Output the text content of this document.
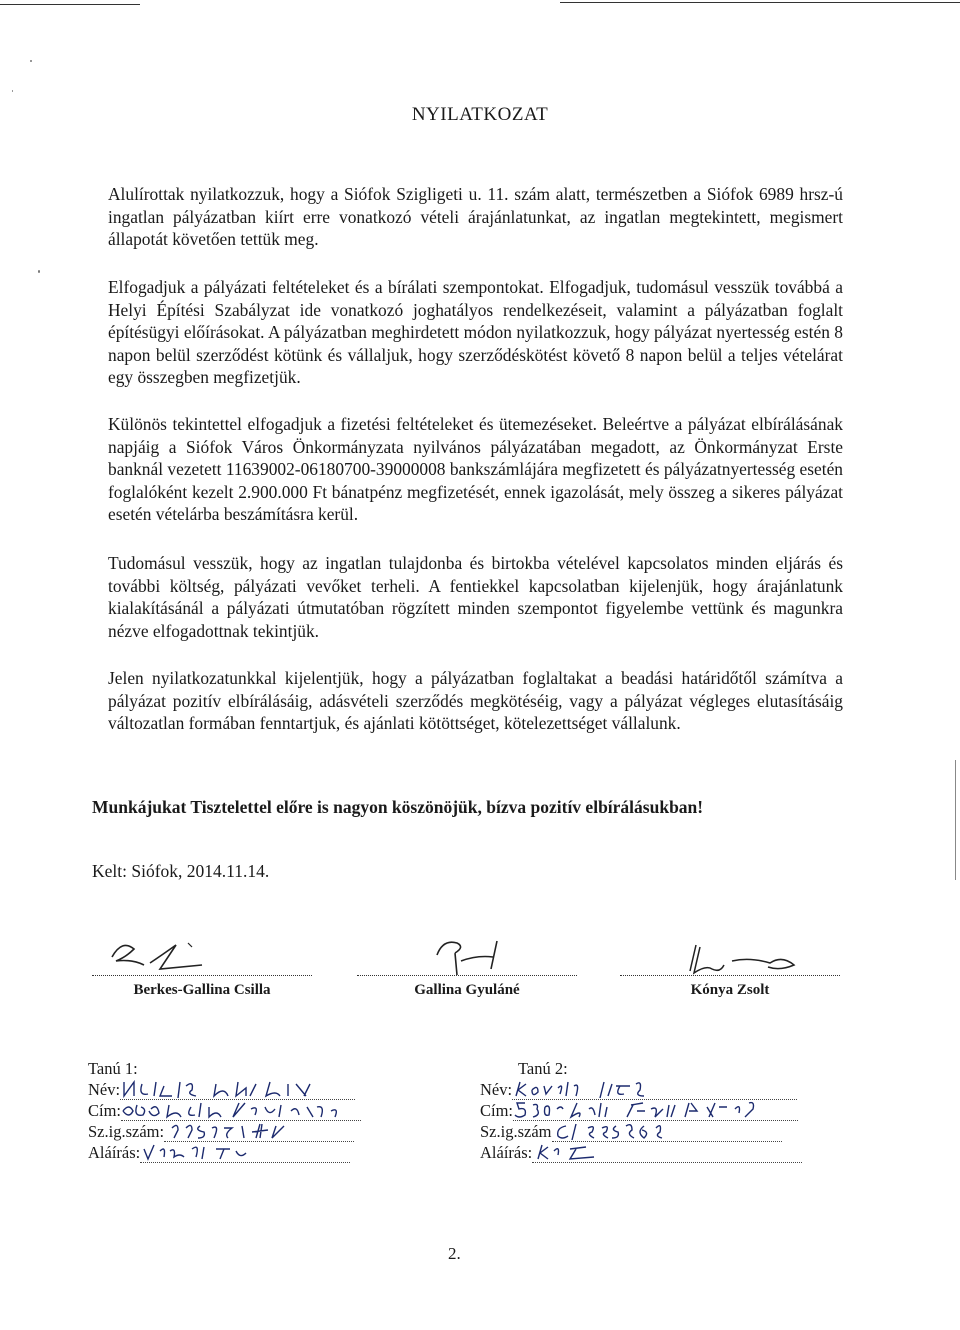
NYILATKOZAT

Alulírottak nyilatkozzuk, hogy a Siófok Szigligeti u. 11. szám alatt, természetben a Siófok 6989 hrsz-ú ingatlan pályázatban kiírt erre vonatkozó vételi árajánlatunkat, az ingatlan megtekintett, megismert állapotát követően tettük meg.

Elfogadjuk a pályázati feltételeket és a bírálati szempontokat. Elfogadjuk, tudomásul vesszük továbbá a Helyi Építési Szabályzat ide vonatkozó joghatályos rendelkezéseit, valamint a pályázatban foglalt építésügyi előírásokat. A pályázatban meghirdetett módon nyilatkozzuk, hogy pályázat nyertesség estén 8 napon belül szerződést kötünk és vállaljuk, hogy szerződéskötést követő 8 napon belül a teljes vételárat egy összegben megfizetjük.

Különös tekintettel elfogadjuk a fizetési feltételeket és ütemezéseket. Beleértve a pályázat elbírálásának napjáig a Siófok Város Önkormányzata nyilvános pályázatában megadott, az Önkormányzat Erste banknál vezetett 11639002-06180700-39000008 bankszámlájára megfizetett és pályázatnyertesség esetén foglalóként kezelt 2.900.000 Ft bánatpénz megfizetését, ennek igazolását, mely összeg a sikeres pályázat esetén vételárba beszámításra kerül.

Tudomásul vesszük, hogy az ingatlan tulajdonba és birtokba vételével kapcsolatos minden eljárás és további költség, pályázati vevőket terheli. A fentiekkel kapcsolatban kijelenjük, hogy árajánlatunk kialakításánál a pályázati útmutatóban rögzített minden szempontot figyelembe vettünk és magunkra nézve elfogadottnak tekintjük.

Jelen nyilatkozatunkkal kijelentjük, hogy a pályázatban foglaltakat a beadási határidőtől számítva a pályázat pozitív elbírálásáig, adásvételi szerződés megkötéséig, vagy a pályázat végleges elutasításáig változatlan formában fenntartjuk, és ajánlati kötöttséget, kötelezettséget vállalunk.

Munkájukat Tisztelettel előre is nagyon köszönöjük, bízva pozitív elbírálásukban!
Kelt: Siófok, 2014.11.14.
Berkes-Gallina Csilla	Gallina Gyuláné	Kónya Zsolt
Tanú 1:
Név:
Cím:
Sz.ig.szám:
Aláírás:
Tanú 2:
Név:
Cím:
Sz.ig.szám
Aláírás:
2.
